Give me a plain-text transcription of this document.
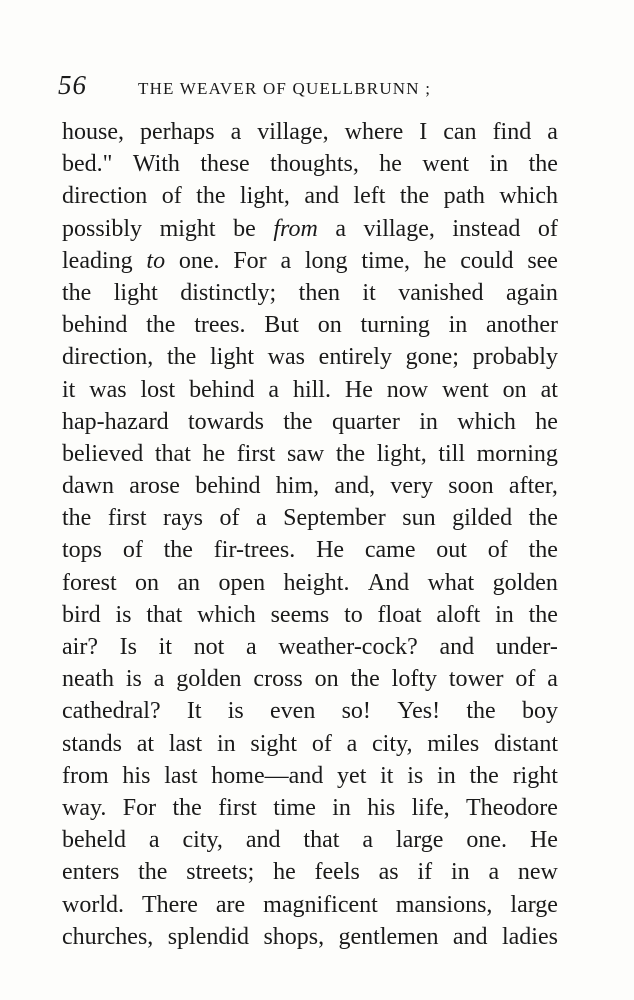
56	THE WEAVER OF QUELLBRUNN ;
house, perhaps a village, where I can find a
bed." With these thoughts, he went in the
direction of the light, and left the path which
possibly might be from a village, instead of
leading to one. For a long time, he could see
the light distinctly; then it vanished again
behind the trees. But on turning in another
direction, the light was entirely gone; probably
it was lost behind a hill. He now went on at
hap-hazard towards the quarter in which he
believed that he first saw the light, till morning
dawn arose behind him, and, very soon after,
the first rays of a September sun gilded the
tops of the fir-trees. He came out of the
forest on an open height. And what golden
bird is that which seems to float aloft in the
air? Is it not a weather-cock? and under-
neath is a golden cross on the lofty tower of a
cathedral? It is even so! Yes! the boy
stands at last in sight of a city, miles distant
from his last home—and yet it is in the right
way. For the first time in his life, Theodore
beheld a city, and that a large one. He
enters the streets; he feels as if in a new
world. There are magnificent mansions, large
churches, splendid shops, gentlemen and ladies
